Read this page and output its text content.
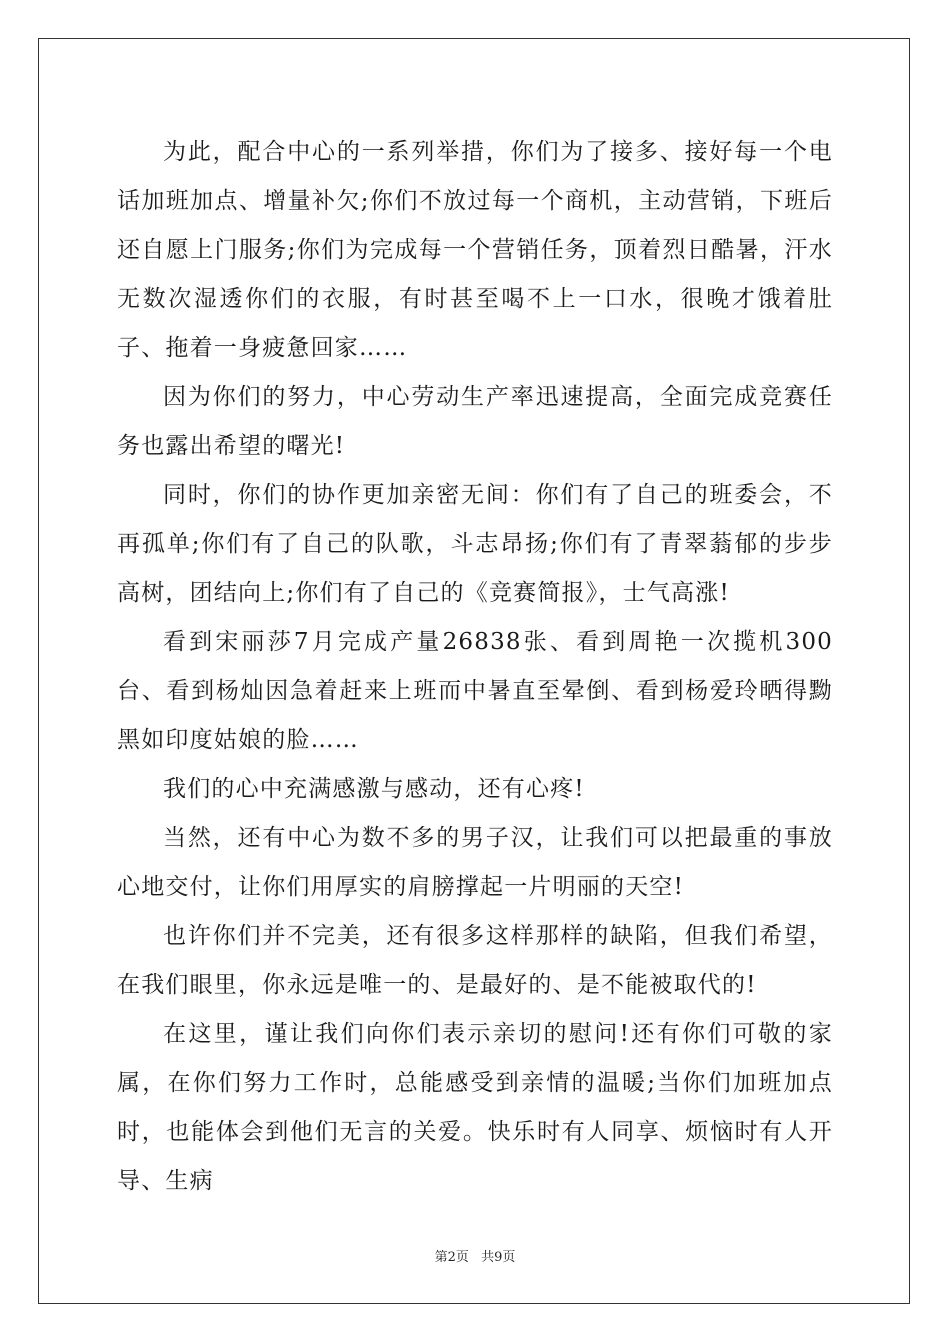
为此，配合中心的一系列举措，你们为了接多、接好每一个电话加班加点、增量补欠;你们不放过每一个商机，主动营销，下班后还自愿上门服务;你们为完成每一个营销任务，顶着烈日酷暑，汗水无数次湿透你们的衣服，有时甚至喝不上一口水，很晚才饿着肚子、拖着一身疲惫回家……

因为你们的努力，中心劳动生产率迅速提高，全面完成竞赛任务也露出希望的曙光!

同时，你们的协作更加亲密无间：你们有了自己的班委会，不再孤单;你们有了自己的队歌，斗志昂扬;你们有了青翠蓊郁的步步高树，团结向上;你们有了自己的《竞赛简报》，士气高涨!

看到宋丽莎7月完成产量26838张、看到周艳一次揽机300台、看到杨灿因急着赶来上班而中暑直至晕倒、看到杨爱玲晒得黝黑如印度姑娘的脸……

我们的心中充满感激与感动，还有心疼!

当然，还有中心为数不多的男子汉，让我们可以把最重的事放心地交付，让你们用厚实的肩膀撑起一片明丽的天空!

也许你们并不完美，还有很多这样那样的缺陷，但我们希望，在我们眼里，你永远是唯一的、是最好的、是不能被取代的!

在这里，谨让我们向你们表示亲切的慰问!还有你们可敬的家属，在你们努力工作时，总能感受到亲情的温暖;当你们加班加点时，也能体会到他们无言的关爱。快乐时有人同享、烦恼时有人开导、生病

第2页 共9页
